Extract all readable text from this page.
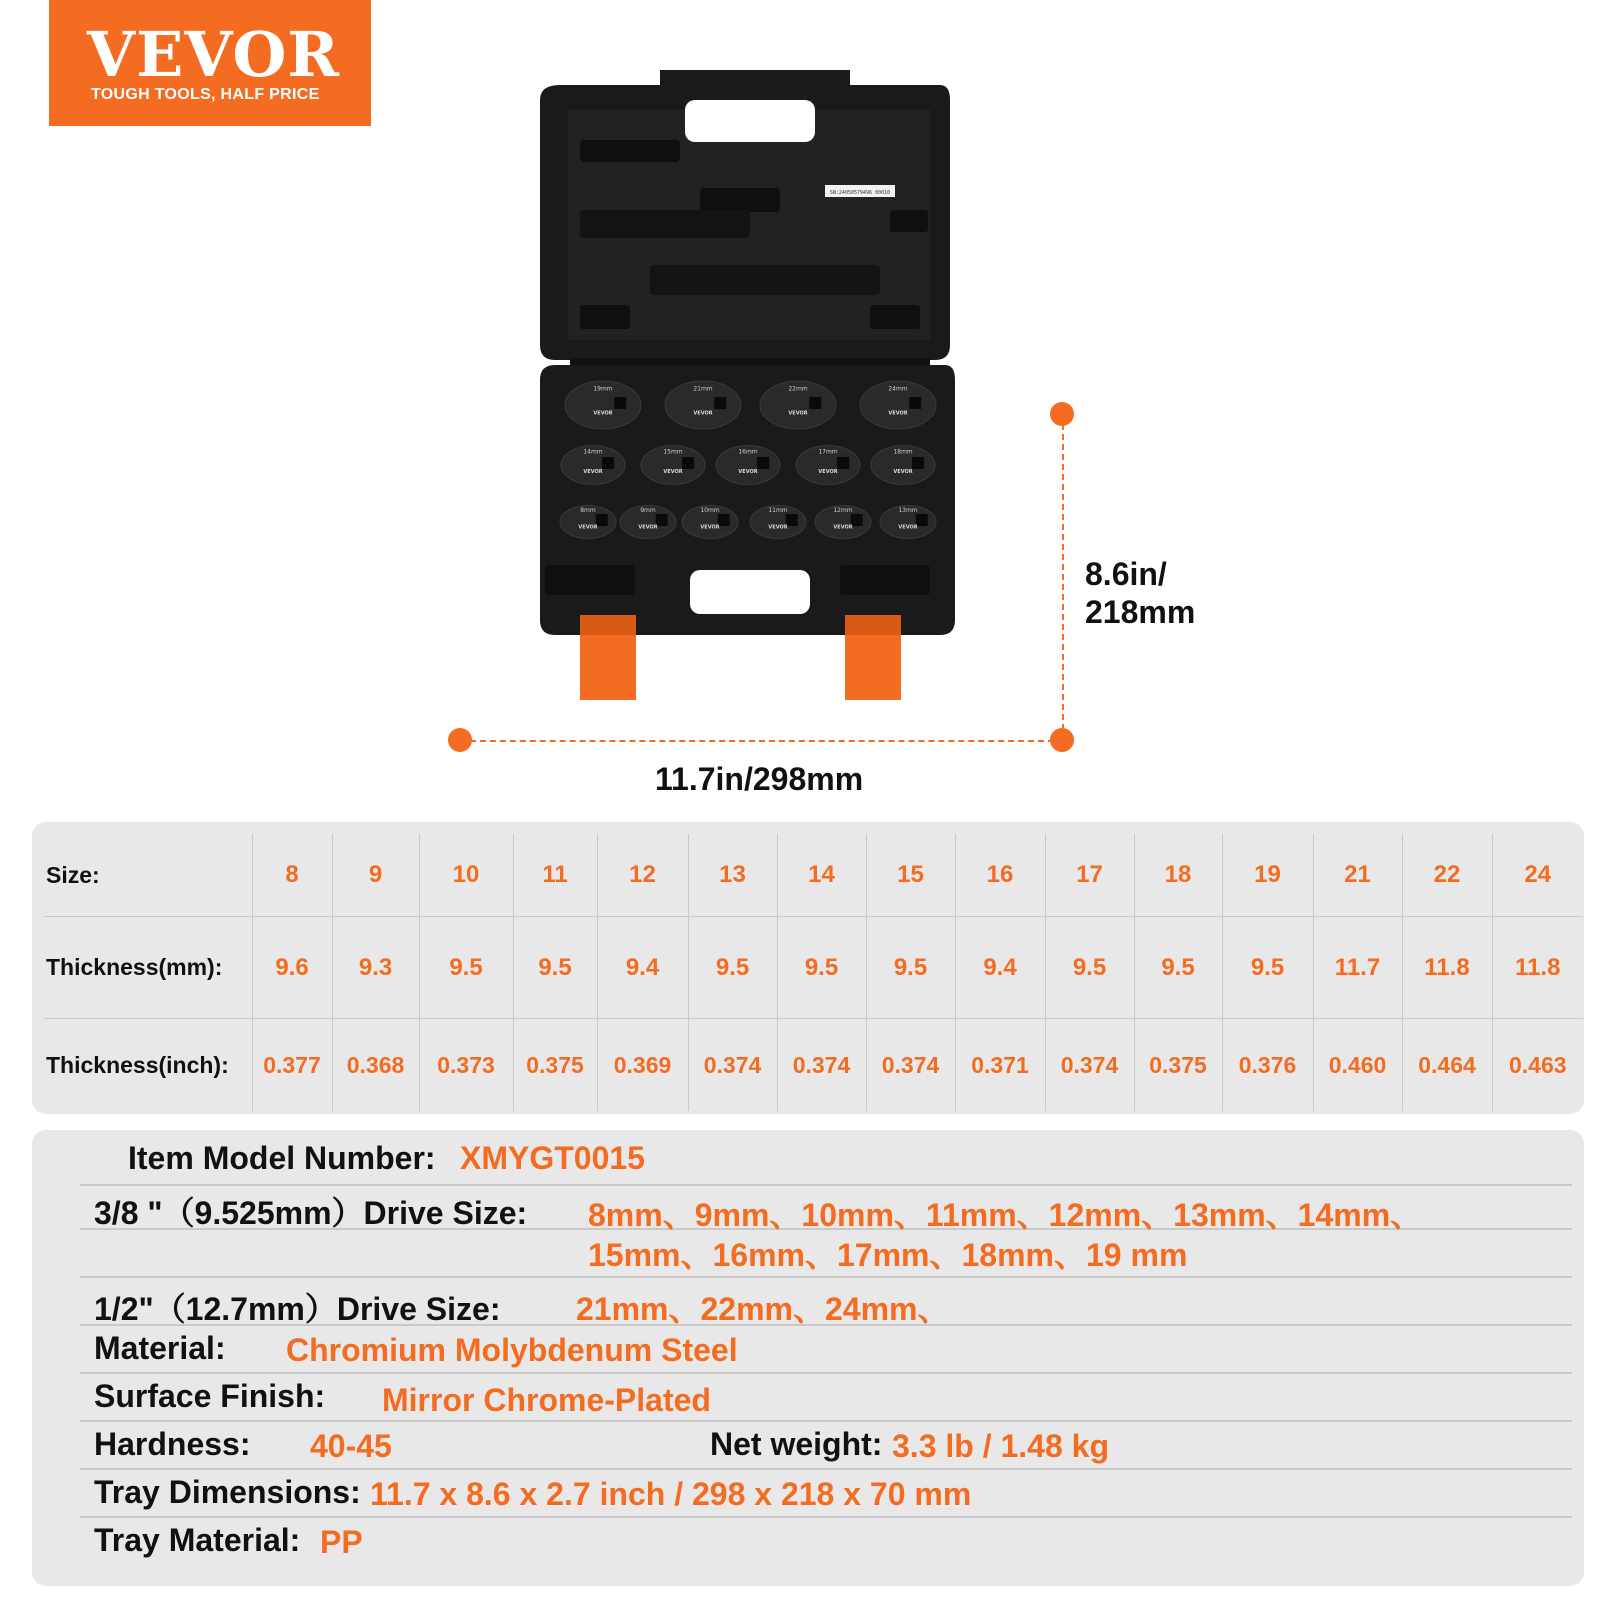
VEVOR
TOUGH TOOLS, HALF PRICE
SN:24050579496 00010
19mm
VEVOR
21mm
VEVOR
22mm
VEVOR
24mm
VEVOR
14mm
VEVOR
15mm
VEVOR
16mm
VEVOR
17mm
VEVOR
18mm
VEVOR
8mm
VEVOR
9mm
VEVOR
10mm
VEVOR
11mm
VEVOR
12mm
VEVOR
13mm
VEVOR
11.7in/298mm
8.6in/
218mm
Size:	8	9	10	11	12	13	14	15	16	17	18	19	21	22	24
Thickness(mm):	9.6	9.3	9.5	9.5	9.4	9.5	9.5	9.5	9.4	9.5	9.5	9.5	11.7	11.8	11.8
Thickness(inch):	0.377	0.368	0.373	0.375	0.369	0.374	0.374	0.374	0.371	0.374	0.375	0.376	0.460	0.464	0.463
Item Model Number: XMYGT0015
3/8 "（9.525mm）Drive Size: 8mm、9mm、10mm、11mm、12mm、13mm、14mm、
15mm、16mm、17mm、18mm、19 mm
1/2"（12.7mm）Drive Size: 21mm、22mm、24mm、
Material: Chromium Molybdenum Steel
Surface Finish: Mirror Chrome-Plated
Hardness: 40-45	Net weight: 3.3 lb / 1.48 kg
Tray Dimensions: 11.7 x 8.6 x 2.7 inch / 298 x 218 x 70 mm
Tray Material: PP
